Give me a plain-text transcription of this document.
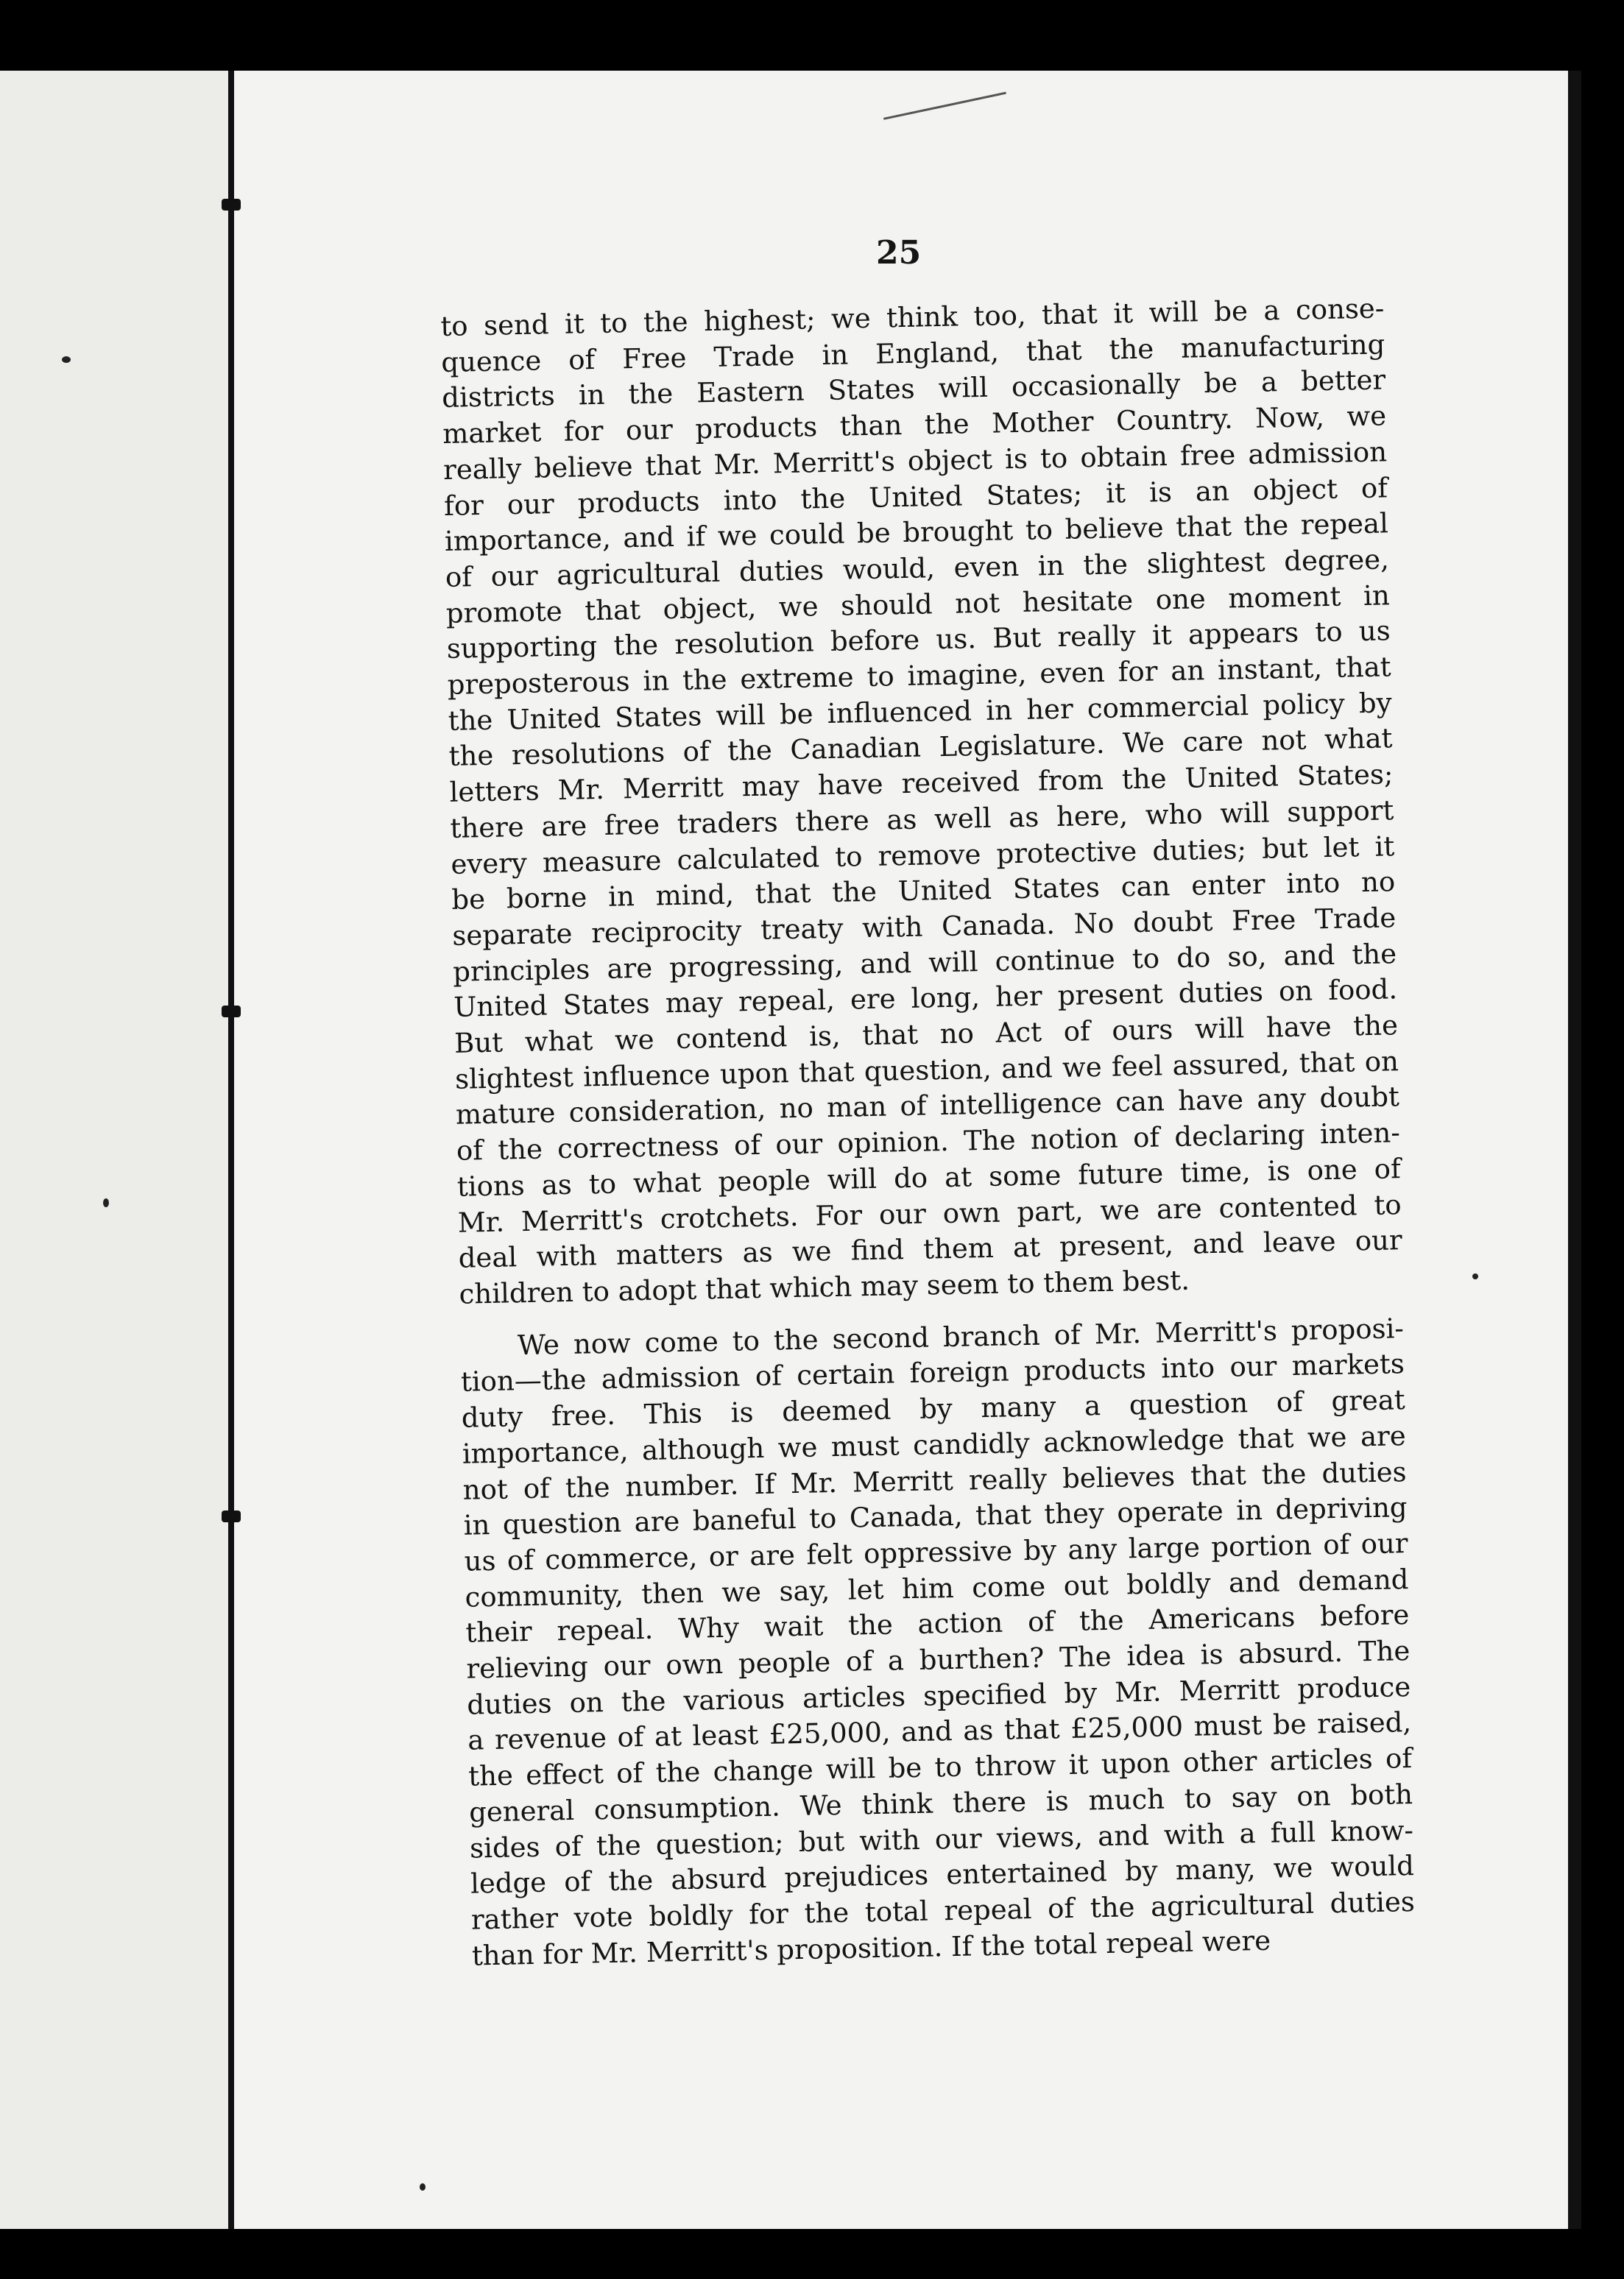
25
to send it to the highest; we think too, that it will be a conse-
quence of Free Trade in England, that the manufacturing
districts in the Eastern States will occasionally be a better
market for our products than the Mother Country. Now, we
really believe that Mr. Merritt's object is to obtain free admission
for our products into the United States; it is an object of
importance, and if we could be brought to believe that the repeal
of our agricultural duties would, even in the slightest degree,
promote that object, we should not hesitate one moment in
supporting the resolution before us. But really it appears to us
preposterous in the extreme to imagine, even for an instant, that
the United States will be influenced in her commercial policy by
the resolutions of the Canadian Legislature. We care not what
letters Mr. Merritt may have received from the United States;
there are free traders there as well as here, who will support
every measure calculated to remove protective duties; but let it
be borne in mind, that the United States can enter into no
separate reciprocity treaty with Canada. No doubt Free Trade
principles are progressing, and will continue to do so, and the
United States may repeal, ere long, her present duties on food.
But what we contend is, that no Act of ours will have the
slightest influence upon that question, and we feel assured, that on
mature consideration, no man of intelligence can have any doubt
of the correctness of our opinion. The notion of declaring inten-
tions as to what people will do at some future time, is one of
Mr. Merritt's crotchets. For our own part, we are contented to
deal with matters as we find them at present, and leave our
children to adopt that which may seem to them best.
We now come to the second branch of Mr. Merritt's proposi-
tion—the admission of certain foreign products into our markets
duty free. This is deemed by many a question of great
importance, although we must candidly acknowledge that we are
not of the number. If Mr. Merritt really believes that the duties
in question are baneful to Canada, that they operate in depriving
us of commerce, or are felt oppressive by any large portion of our
community, then we say, let him come out boldly and demand
their repeal. Why wait the action of the Americans before
relieving our own people of a burthen? The idea is absurd. The
duties on the various articles specified by Mr. Merritt produce
a revenue of at least £25,000, and as that £25,000 must be raised,
the effect of the change will be to throw it upon other articles of
general consumption. We think there is much to say on both
sides of the question; but with our views, and with a full know-
ledge of the absurd prejudices entertained by many, we would
rather vote boldly for the total repeal of the agricultural duties
than for Mr. Merritt's proposition. If the total repeal were
